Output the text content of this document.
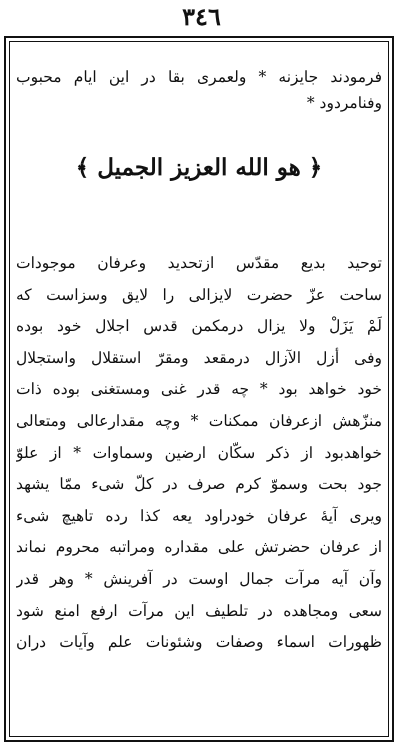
٣٤٦
فرمودند جایزنه * ولعمری بقا در این ایام محبوب
وفنامردود *
﴿ هو الله العزیز الجمیل ﴾
توحید بدیع مقدّس ازتحدید وعرفان موجودات
ساحت عزّ حضرت لایزالی را لایق وسزاست که
لَمْ یَزَلْ ولا یزال درمکمن قدس اجلال خود بوده
وفی أزل الآزال درمقعد ومقرّ استقلال واستجلال
خود خواهد بود * چه قدر غنی ومستغنی بوده ذات
منزّهش ازعرفان ممکنات * وچه مقدارعالی ومتعالی
خواهدبود از ذکر سکّان ارضین وسماوات * از علوّ
جود بحت وسموّ کرم صرف در کلّ شیء ممّا یشهد
ویری آیهٔ عرفان خودراود یعه کذا رده تاهیچ شیء
از عرفان حضرتش علی مقداره ومراتبه محروم نماند
وآن آیه مرآت جمال اوست در آفرینش * وهر قدر
سعی ومجاهده در تلطیف این مرآت ارفع امنع شود
ظهورات اسماء وصفات وشئونات علم وآیات دران
